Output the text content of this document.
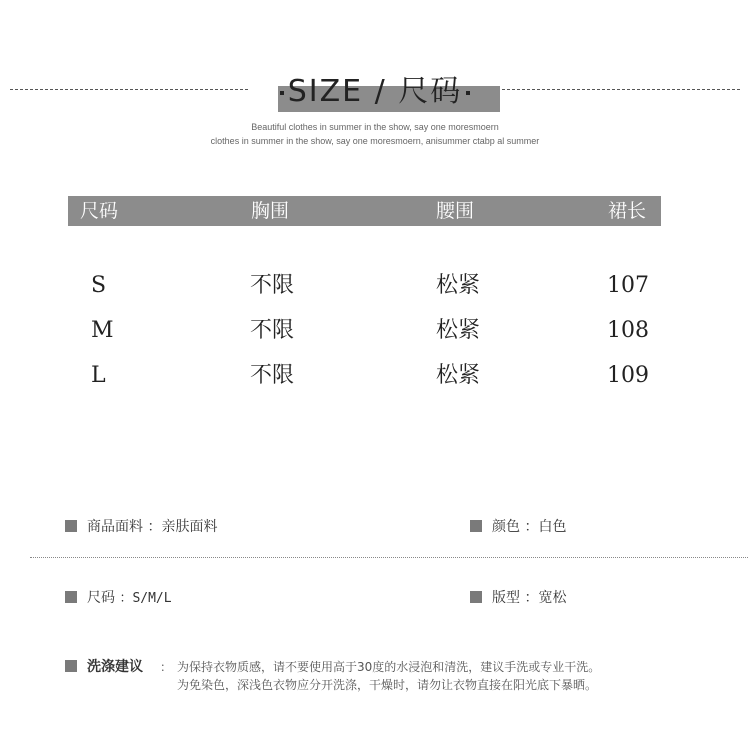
SIZE / 尺码
Beautiful clothes in summer in the show, say one moresmoern
clothes in summer in the show, say one moresmoern, anisummer ctabp al summer
尺码	胸围	腰围	裙长
S	不限	松紧	107
M	不限	松紧	108
L	不限	松紧	109
商品面料 ：亲肤面料	颜色 ：白色
尺码 ：S/M/L	版型 ：宽松
洗涤建议 ： 为保持衣物质感，请不要使用高于30度的水浸泡和清洗，建议手洗或专业干洗。
为免染色，深浅色衣物应分开洗涤，干燥时，请勿让衣物直接在阳光底下暴晒。
